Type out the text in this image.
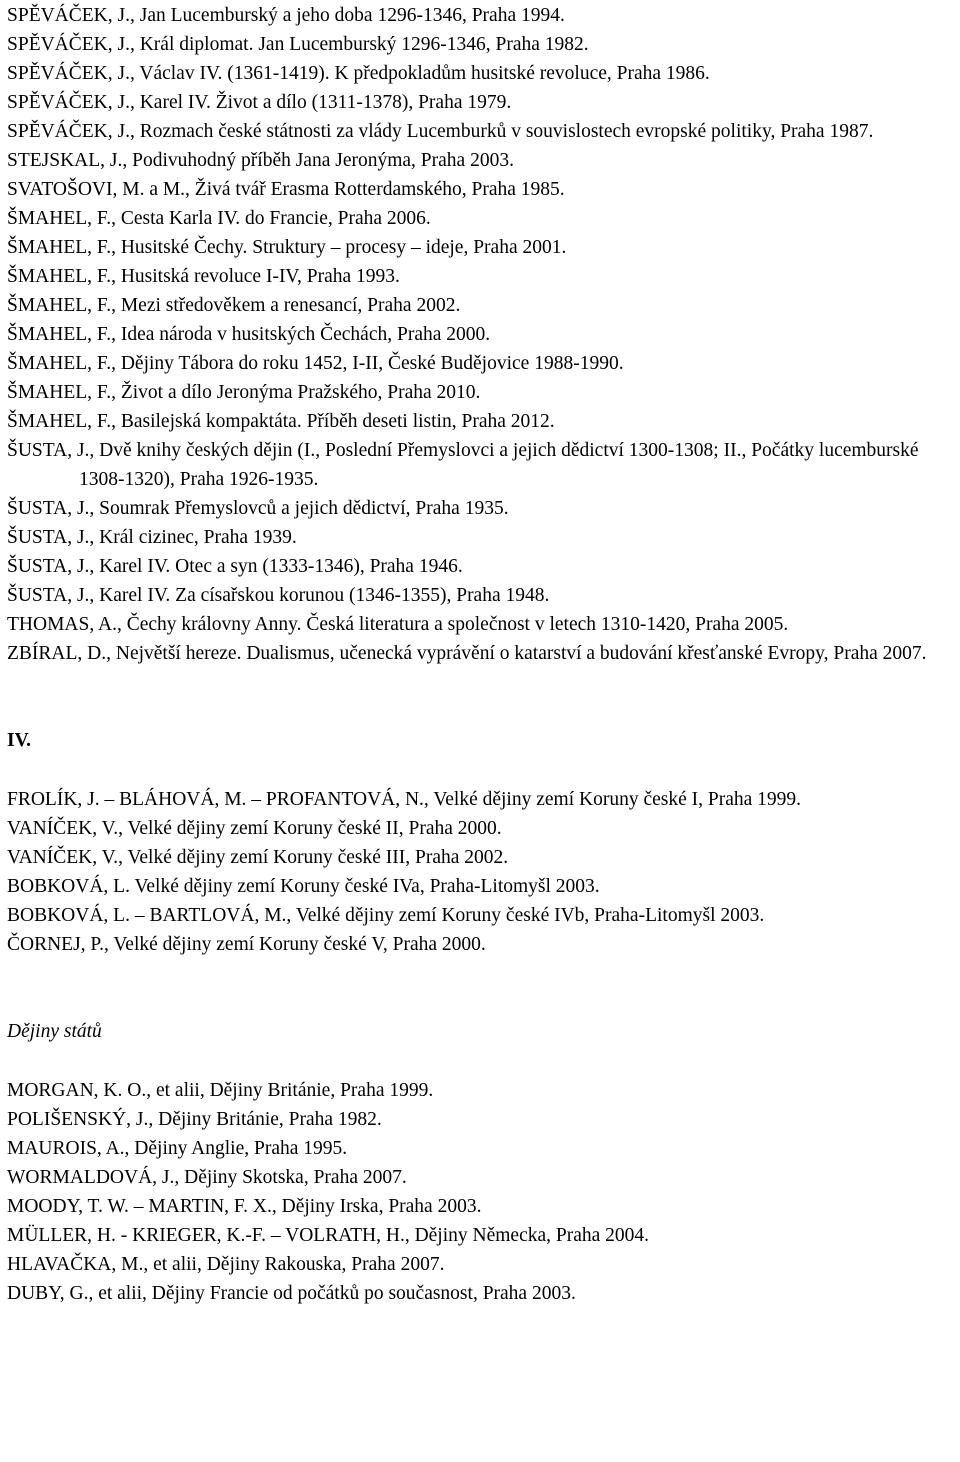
SPĚVÁČEK, J., Jan Lucemburský a jeho doba 1296-1346, Praha 1994.
SPĚVÁČEK, J., Král diplomat. Jan Lucemburský 1296-1346, Praha 1982.
SPĚVÁČEK, J., Václav IV. (1361-1419). K předpokladům husitské revoluce, Praha 1986.
SPĚVÁČEK, J., Karel IV. Život a dílo (1311-1378), Praha 1979.
SPĚVÁČEK, J., Rozmach české státnosti za vlády Lucemburků v souvislostech evropské politiky, Praha 1987.
STEJSKAL, J., Podivuhodný příběh Jana Jeronýma, Praha 2003.
SVATOŠOVI, M. a M., Živá tvář Erasma Rotterdamského, Praha 1985.
ŠMAHEL, F., Cesta Karla IV. do Francie, Praha 2006.
ŠMAHEL, F., Husitské Čechy. Struktury – procesy – ideje, Praha 2001.
ŠMAHEL, F., Husitská revoluce I-IV, Praha 1993.
ŠMAHEL, F., Mezi středověkem a renesancí, Praha 2002.
ŠMAHEL, F., Idea národa v husitských Čechách, Praha 2000.
ŠMAHEL, F., Dějiny Tábora do roku 1452, I-II, České Budějovice 1988-1990.
ŠMAHEL, F., Život a dílo Jeronýma Pražského, Praha 2010.
ŠMAHEL, F., Basilejská kompaktáta. Příběh deseti listin, Praha 2012.
ŠUSTA, J., Dvě knihy českých dějin (I., Poslední Přemyslovci a jejich dědictví 1300-1308; II., Počátky lucemburské 1308-1320), Praha 1926-1935.
ŠUSTA, J., Soumrak Přemyslovců a jejich dědictví, Praha 1935.
ŠUSTA, J., Král cizinec, Praha 1939.
ŠUSTA, J., Karel IV. Otec a syn (1333-1346), Praha 1946.
ŠUSTA, J., Karel IV. Za císařskou korunou (1346-1355), Praha 1948.
THOMAS, A., Čechy královny Anny. Česká literatura a společnost v letech 1310-1420, Praha 2005.
ZBÍRAL, D., Největší hereze. Dualismus, učenecká vyprávění o katarství a budování křesťanské Evropy, Praha 2007.
IV.
FROLÍK, J. – BLÁHOVÁ, M. – PROFANTOVÁ, N., Velké dějiny zemí Koruny české I, Praha 1999.
VANÍČEK, V., Velké dějiny zemí Koruny české II, Praha 2000.
VANÍČEK, V., Velké dějiny zemí Koruny české III, Praha 2002.
BOBKOVÁ, L. Velké dějiny zemí Koruny české IVa, Praha-Litomyšl 2003.
BOBKOVÁ, L. – BARTLOVÁ, M., Velké dějiny zemí Koruny české IVb, Praha-Litomyšl 2003.
ČORNEJ, P., Velké dějiny zemí Koruny české V, Praha 2000.
Dějiny států
MORGAN, K. O., et alii, Dějiny Británie, Praha 1999.
POLIŠENSKÝ, J., Dějiny Británie, Praha 1982.
MAUROIS, A., Dějiny Anglie, Praha 1995.
WORMALDOVÁ, J., Dějiny Skotska, Praha 2007.
MOODY, T. W. – MARTIN, F. X., Dějiny Irska, Praha 2003.
MÜLLER, H. - KRIEGER, K.-F. – VOLRATH, H., Dějiny Německa, Praha 2004.
HLAVAČKA, M., et alii, Dějiny Rakouska, Praha 2007.
DUBY, G., et alii, Dějiny Francie od počátků po současnost, Praha 2003.
